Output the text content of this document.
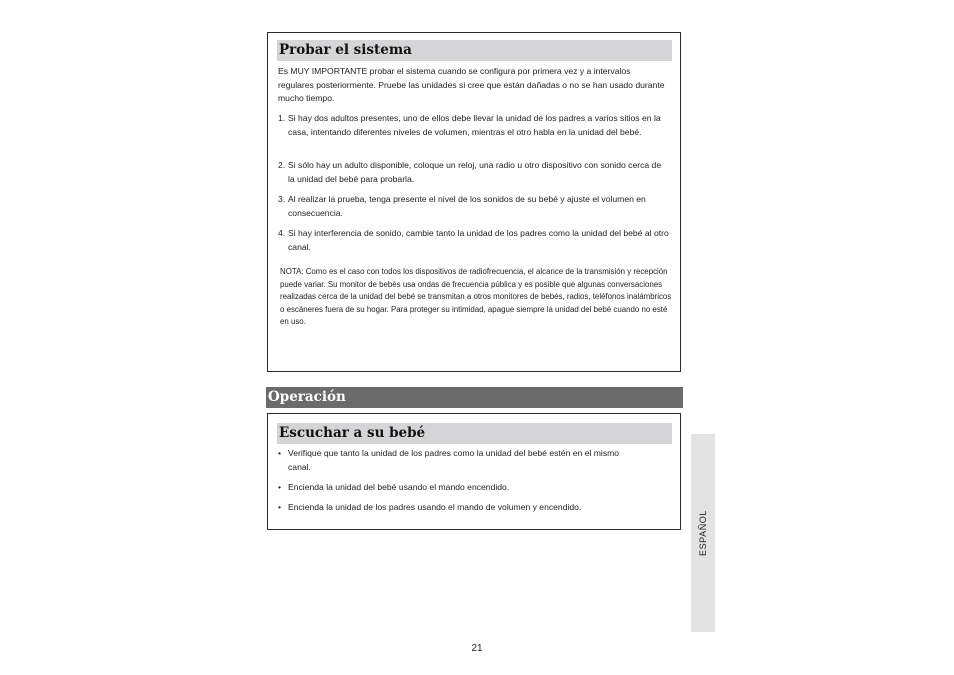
Probar el sistema

Es MUY IMPORTANTE probar el sistema cuando se configura por primera vez y a intervalos regulares posteriormente. Pruebe las unidades si cree que están dañadas o no se han usado durante mucho tiempo.

1. Si hay dos adultos presentes, uno de ellos debe llevar la unidad de los padres a varios sitios en la casa, intentando diferentes niveles de volumen, mientras el otro habla en la unidad del bebé.
2. Si sólo hay un adulto disponible, coloque un reloj, una radio u otro dispositivo con sonido cerca de la unidad del bebé para probarla.
3. Al realizar la prueba, tenga presente el nivel de los sonidos de su bebé y ajuste el volumen en consecuencia.
4. Si hay interferencia de sonido, cambie tanto la unidad de los padres como la unidad del bebé al otro canal.

NOTA: Como es el caso con todos los dispositivos de radiofrecuencia, el alcance de la transmisión y recepción puede variar. Su monitor de bebés usa ondas de frecuencia pública y es posible que algunas conversaciones realizadas cerca de la unidad del bebé se transmitan a otros monitores de bebés, radios, teléfonos inalámbricos o escáneres fuera de su hogar. Para proteger su intimidad, apague siempre la unidad del bebé cuando no esté en uso.

Operación
Escuchar a su bebé
• Verifique que tanto la unidad de los padres como la unidad del bebé estén en el mismo canal.
• Encienda la unidad del bebé usando el mando encendido.
• Encienda la unidad de los padres usando el mando de volumen y encendido.
ESPAÑOL
21
